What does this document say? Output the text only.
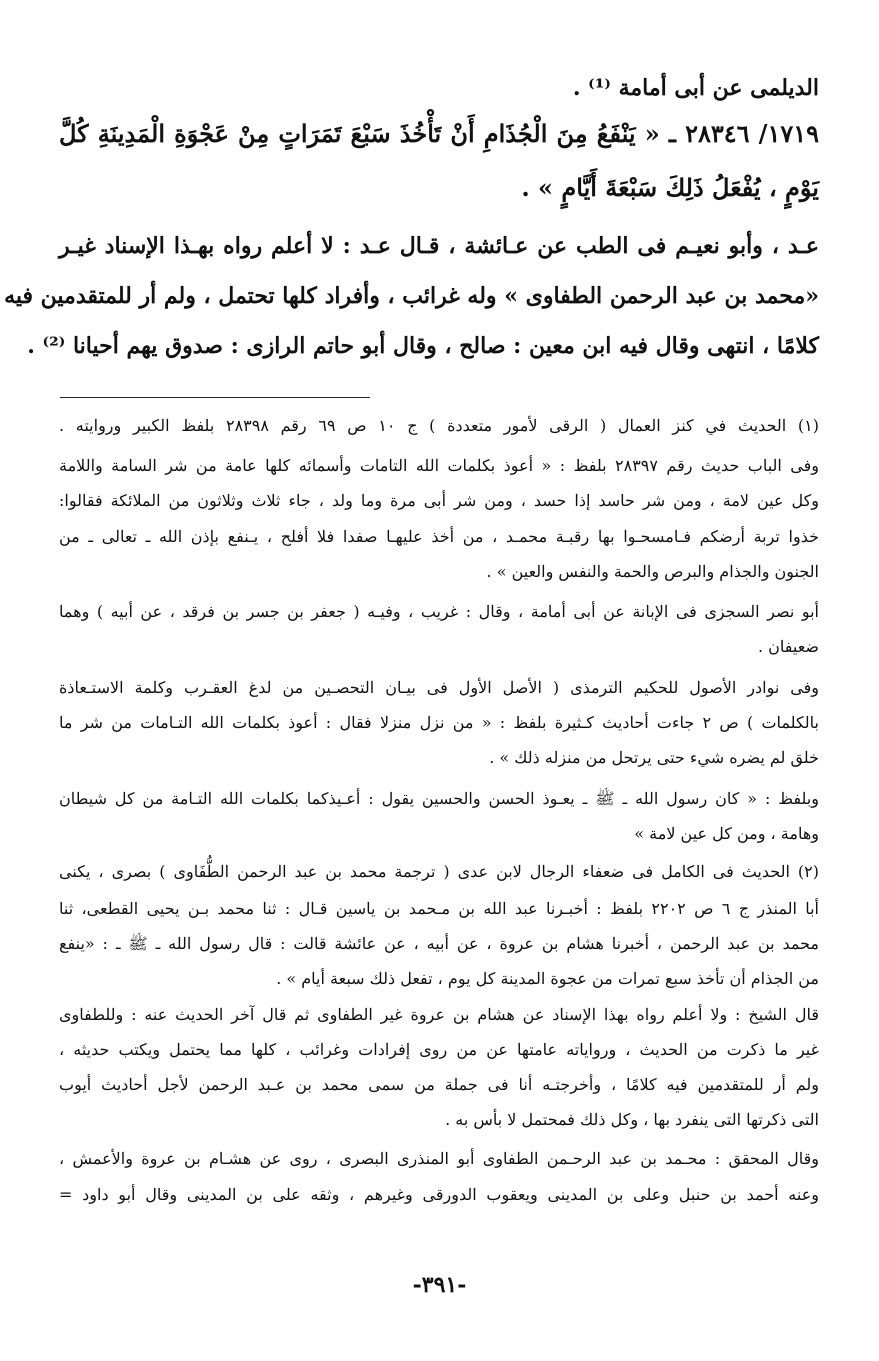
الديلمى عن أبى أمامة ⁽¹⁾ .
١٧١٩/ ٢٨٣٤٦ ـ « يَنْفَعُ مِنَ الْجُذَامِ أَنْ تَأْخُذَ سَبْعَ تَمَرَاتٍ مِنْ عَجْوَةِ الْمَدِينَةِ كُلَّ
يَوْمٍ ، يُفْعَلُ ذَلِكَ سَبْعَةَ أَيَّامٍ » .
عـد ، وأبو نعيـم فى الطب عن عـائشة ، قـال عـد : لا أعلم رواه بهـذا الإسناد غيـر
«محمد بن عبد الرحمن الطفاوى » وله غرائب ، وأفراد كلها تحتمل ، ولم أر للمتقدمين فيه
كلامًا ، انتهى وقال فيه ابن معين : صالح ، وقال أبو حاتم الرازى : صدوق يهم أحيانا ⁽²⁾ .
(١) الحديث في كنز العمال ( الرقى لأمور متعددة ) ج ١٠ ص ٦٩ رقم ٢٨٣٩٨ بلفظ الكبير وروايته .
وفى الباب حديث رقم ٢٨٣٩٧ بلفظ : « أعوذ بكلمات الله التامات وأسمائه كلها عامة من شر السامة واللامة
وكل عين لامة ، ومن شر حاسد إذا حسد ، ومن شر أبى مرة وما ولد ، جاء ثلاث وثلاثون من الملائكة فقالوا:
خذوا تربة أرضكم فـامسحـوا بها رقبـة محمـد ، من أخذ عليهـا صفدا فلا أفلح ، يـنفع بإذن الله ـ تعالى ـ من
الجنون والجذام والبرص والحمة والنفس والعين » .
أبو نصر السجزى فى الإبانة عن أبى أمامة ، وقال : غريب ، وفيـه ( جعفر بن جسر بن فرقد ، عن أبيه ) وهما
ضعيفان .
وفى نوادر الأصول للحكيم الترمذى ( الأصل الأول فى بيـان التحصـين من لدغ العقـرب وكلمة الاستـعاذة
بالكلمات ) ص ٢ جاءت أحاديث كـثيرة بلفظ : « من نزل منزلا فقال : أعوذ بكلمات الله التـامات من شر ما
خلق لم يضره شيء حتى يرتحل من منزله ذلك » .
وبلفظ : « كان رسول الله ـ ﷺ ـ يعـوذ الحسن والحسين يقول : أعـيذكما بكلمات الله التـامة من كل شيطان
وهامة ، ومن كل عين لامة »
(٢) الحديث فى الكامل فى ضعفاء الرجال لابن عدى ( ترجمة محمد بن عبد الرحمن الطُّفَاوى ) بصرى ، يكنى
أبا المنذر ج ٦ ص ٢٢٠٢ بلفظ : أخبـرنا عبد الله بن مـحمد بن ياسين قـال : ثنا محمد بـن يحيى القطعى، ثنا
محمد بن عبد الرحمن ، أخبرنا هشام بن عروة ، عن أبيه ، عن عائشة قالت : قال رسول الله ـ ﷺ ـ : «ينفع
من الجذام أن تأخذ سبع تمرات من عجوة المدينة كل يوم ، تفعل ذلك سبعة أيام » .
قال الشيخ : ولا أعلم رواه بهذا الإسناد عن هشام بن عروة غير الطفاوى ثم قال آخر الحديث عنه : وللطفاوى
غير ما ذكرت من الحديث ، ورواياته عامتها عن من روى إفرادات وغرائب ، كلها مما يحتمل ويكتب حديثه ،
ولم أر للمتقدمين فيه كلامًا ، وأخرجتـه أنا فى جملة من سمى محمد بن عـبد الرحمن لأجل أحاديث أيوب
التى ذكرتها التى ينفرد بها ، وكل ذلك فمحتمل لا بأس به .
وقال المحقق : محـمد بن عبد الرحـمن الطفاوى أبو المنذرى البصرى ، روى عن هشـام بن عروة والأعمش ،
وعنه أحمد بن حنبل وعلى بن المدينى ويعقوب الدورقى وغيرهم ، وثقه على بن المدينى وقال أبو داود =
-٣٩١-
